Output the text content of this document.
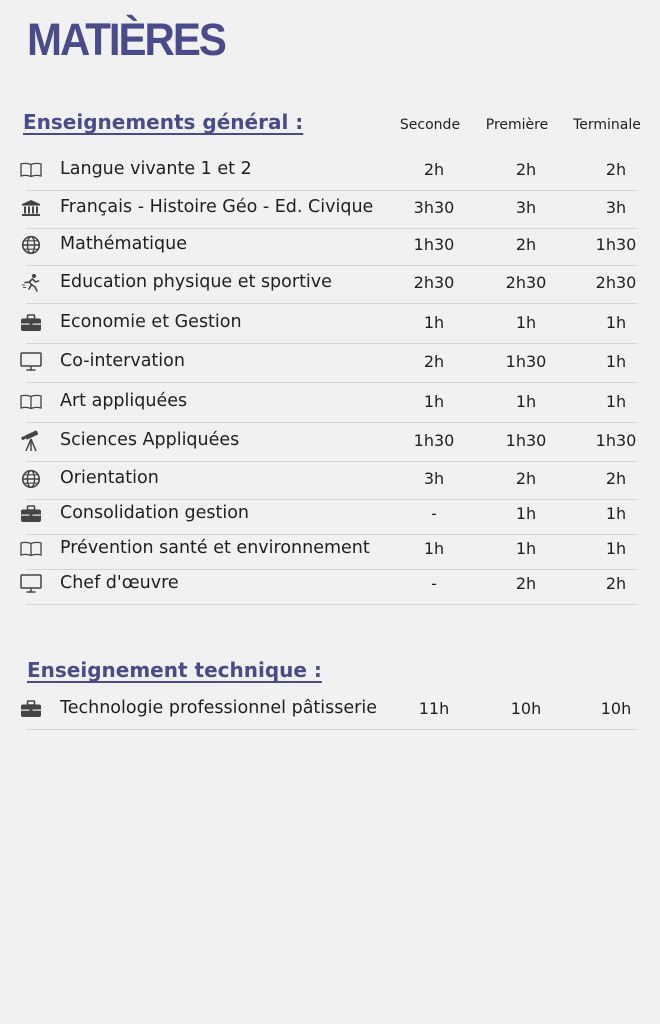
MATIÈRES
Enseignements général :	Seconde	Première	Terminale
Langue vivante 1 et 2	2h	2h	2h
Français - Histoire Géo - Ed. Civique	3h30	3h	3h
Mathématique	1h30	2h	1h30
Education physique et sportive	2h30	2h30	2h30
Economie et Gestion	1h	1h	1h
Co-intervation	2h	1h30	1h
Art appliquées	1h	1h	1h
Sciences Appliquées	1h30	1h30	1h30
Orientation	3h	2h	2h
Consolidation gestion	-	1h	1h
Prévention santé et environnement	1h	1h	1h
Chef d'œuvre	-	2h	2h
Enseignement technique :
Technologie professionnel pâtisserie	11h	10h	10h
